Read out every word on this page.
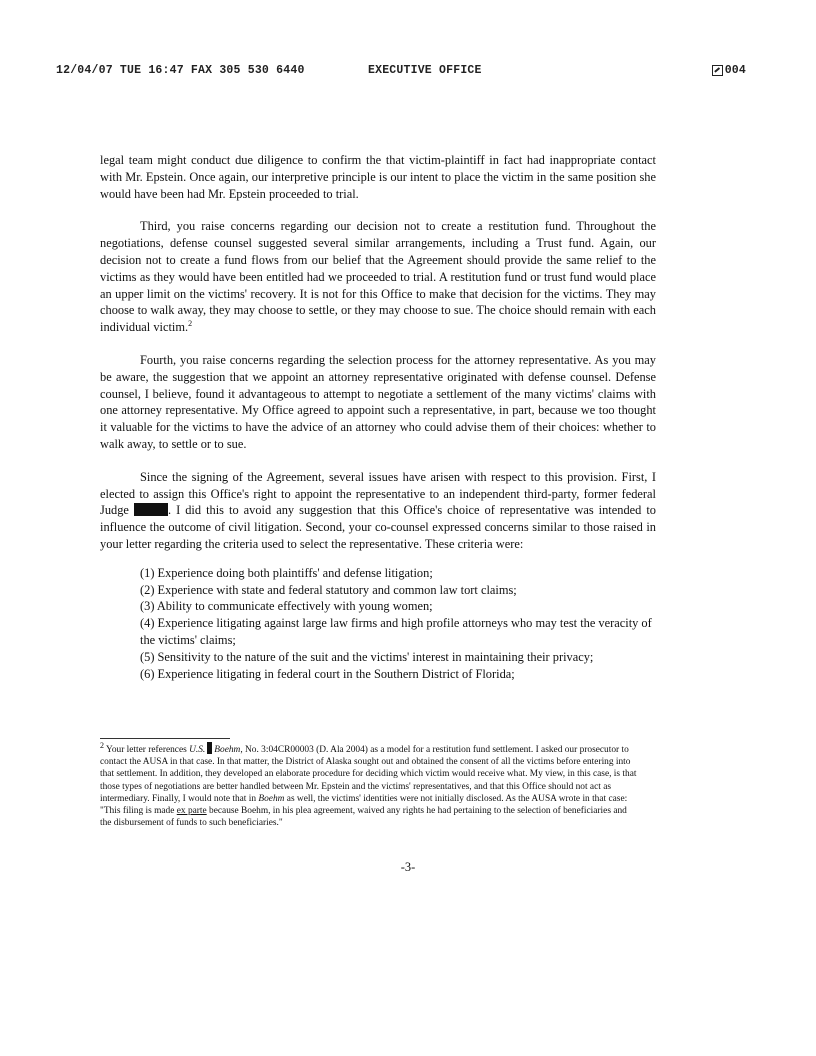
12/04/07 TUE 16:47 FAX 305 530 6440	EXECUTIVE OFFICE	004

legal team might conduct due diligence to confirm the that victim-plaintiff in fact had inappropriate contact with Mr. Epstein. Once again, our interpretive principle is our intent to place the victim in the same position she would have been had Mr. Epstein proceeded to trial.

Third, you raise concerns regarding our decision not to create a restitution fund. Throughout the negotiations, defense counsel suggested several similar arrangements, including a Trust fund. Again, our decision not to create a fund flows from our belief that the Agreement should provide the same relief to the victims as they would have been entitled had we proceeded to trial. A restitution fund or trust fund would place an upper limit on the victims' recovery. It is not for this Office to make that decision for the victims. They may choose to walk away, they may choose to settle, or they may choose to sue. The choice should remain with each individual victim.$^2$

Fourth, you raise concerns regarding the selection process for the attorney representative. As you may be aware, the suggestion that we appoint an attorney representative originated with defense counsel. Defense counsel, I believe, found it advantageous to attempt to negotiate a settlement of the many victims' claims with one attorney representative. My Office agreed to appoint such a representative, in part, because we too thought it valuable for the victims to have the advice of an attorney who could advise them of their choices: whether to walk away, to settle or to sue.

Since the signing of the Agreement, several issues have arisen with respect to this provision. First, I elected to assign this Office's right to appoint the representative to an independent third-party, former federal Judge	. I did this to avoid any suggestion that this Office's choice of representative was intended to influence the outcome of civil litigation. Second, your co-counsel expressed concerns similar to those raised in your letter regarding the criteria used to select the representative. These criteria were:

(1) Experience doing both plaintiffs' and defense litigation;
(2) Experience with state and federal statutory and common law tort claims;
(3) Ability to communicate effectively with young women;
(4) Experience litigating against large law firms and high profile attorneys who may test the veracity of the victims' claims;
(5) Sensitivity to the nature of the suit and the victims' interest in maintaining their privacy;
(6) Experience litigating in federal court in the Southern District of Florida;
2 Your letter references U.S. Boehm, No. 3:04CR00003 (D. Ala 2004) as a model for a restitution fund settlement. I asked our prosecutor to contact the AUSA in that case. In that matter, the District of Alaska sought out and obtained the consent of all the victims before entering into that settlement. In addition, they developed an elaborate procedure for deciding which victim would receive what. My view, in this case, is that those types of negotiations are better handled between Mr. Epstein and the victims' representatives, and that this Office should not act as intermediary. Finally, I would note that in Boehm as well, the victims' identities were not initially disclosed. As the AUSA wrote in that case: "This filing is made ex parte because Boehm, in his plea agreement, waived any rights he had pertaining to the selection of beneficiaries and the disbursement of funds to such beneficiaries."
-3-
